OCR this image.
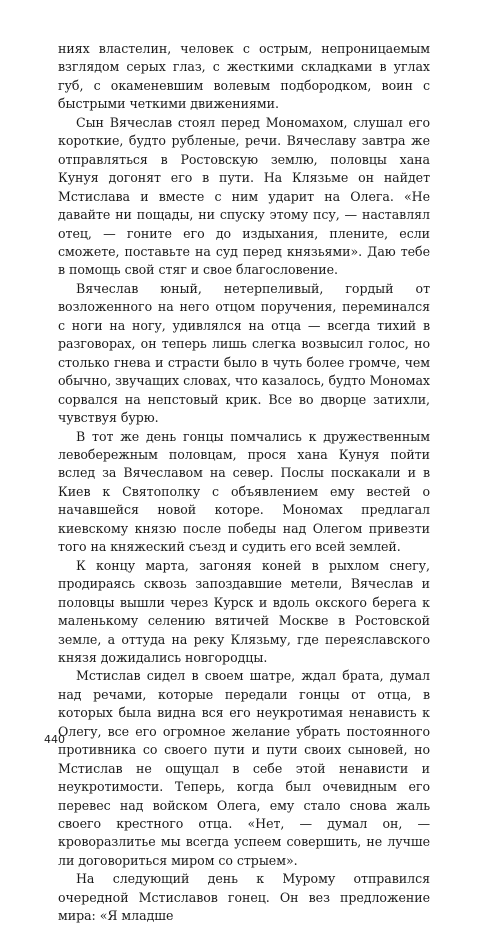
ниях властелин, человек с острым, непроницаемым взглядом серых глаз, с жесткими складками в углах губ, с окаменевшим волевым подбородком, воин с быстрыми четкими движениями.

Сын Вячеслав стоял перед Мономахом, слушал его короткие, будто рубленые, речи. Вячеславу завтра же отправляться в Ростовскую землю, половцы хана Кунуя догонят его в пути. На Клязьме он найдет Мстислава и вместе с ним ударит на Олега. «Не давайте ни пощады, ни спуску этому псу, — наставлял отец, — гоните его до издыхания, плените, если сможете, поставьте на суд перед князьями». Даю тебе в помощь свой стяг и свое благословение.

Вячеслав юный, нетерпеливый, гордый от возложенного на него отцом поручения, переминался с ноги на ногу, удивлялся на отца — всегда тихий в разговорах, он теперь лишь слегка возвысил голос, но столько гнева и страсти было в чуть более громче, чем обычно, звучащих словах, что казалось, будто Мономах сорвался на непстовый крик. Все во дворце затихли, чувствуя бурю.

В тот же день гонцы помчались к дружественным левобережным половцам, прося хана Кунуя пойти вслед за Вячеславом на север. Послы поскакали и в Киев к Святополку с объявлением ему вестей о начавшейся новой которе. Мономах предлагал киевскому князю после победы над Олегом привезти того на княжеский съезд и судить его всей землей.

К концу марта, загоняя коней в рыхлом снегу, продираясь сквозь запоздавшие метели, Вячеслав и половцы вышли через Курск и вдоль окского берега к маленькому селению вятичей Москве в Ростовской земле, а оттуда на реку Клязьму, где переяславского князя дожидались новгородцы.

Мстислав сидел в своем шатре, ждал брата, думал над речами, которые передали гонцы от отца, в которых была видна вся его неукротимая ненависть к Олегу, все его огромное желание убрать постоянного противника со своего пути и пути своих сыновей, но Мстислав не ощущал в себе этой ненависти и неукротимости. Теперь, когда был очевидным его перевес над войском Олега, ему стало снова жаль своего крестного отца. «Нет, — думал он, — кроворазлитье мы всегда успеем совершить, не лучше ли договориться миром со стрыем».

На следующий день к Мурому отправился очередной Мстиславов гонец. Он вез предложение мира: «Я младше

440
